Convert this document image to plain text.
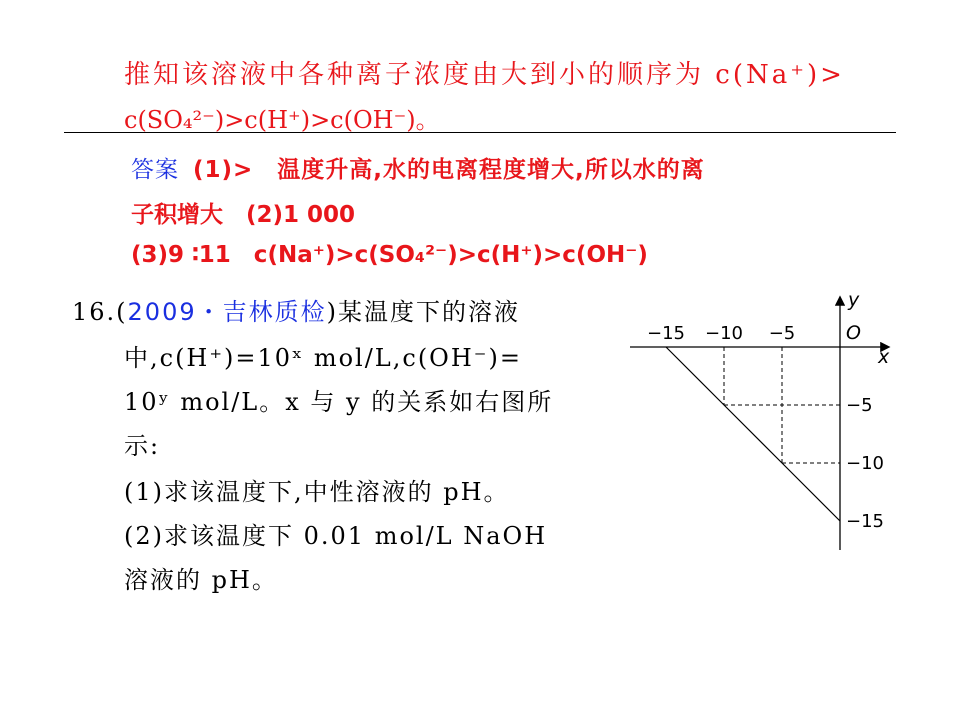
推知该溶液中各种离子浓度由大到小的顺序为 c(Na⁺)>
c(SO₄²⁻)>c(H⁺)>c(OH⁻)。
答案 (1)>　温度升高,水的电离程度增大,所以水的离
子积增大　(2)1 000
(3)9 ∶11　c(Na⁺)>c(SO₄²⁻)>c(H⁺)>c(OH⁻)
16.(2009・吉林质检)某温度下的溶液
中,c(H⁺)=10ˣ mol/L,c(OH⁻)=
10ʸ mol/L。x 与 y 的关系如右图所
示:
(1)求该温度下,中性溶液的 pH。
(2)求该温度下 0.01 mol/L NaOH
溶液的 pH。
−15 −10 −5
−5
−10
−15
O
x
y
